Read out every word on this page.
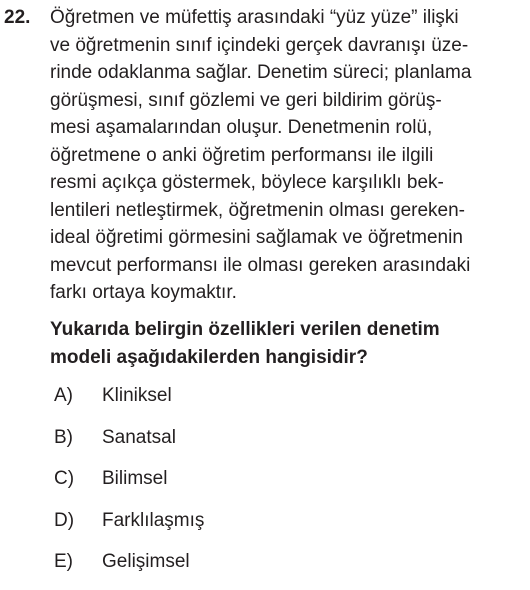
22. Öğretmen ve müfettiş arasındaki “yüz yüze” ilişki
ve öğretmenin sınıf içindeki gerçek davranışı üze-
rinde odaklanma sağlar. Denetim süreci; planlama
görüşmesi, sınıf gözlemi ve geri bildirim görüş-
mesi aşamalarından oluşur. Denetmenin rolü,
öğretmene o anki öğretim performansı ile ilgili
resmi açıkça göstermek, böylece karşılıklı bek-
lentileri netleştirmek, öğretmenin olması gereken-
ideal öğretimi görmesini sağlamak ve öğretmenin
mevcut performansı ile olması gereken arasındaki
farkı ortaya koymaktır.
Yukarıda belirgin özellikleri verilen denetim
modeli aşağıdakilerden hangisidir?
A) Kliniksel
B) Sanatsal
C) Bilimsel
D) Farklılaşmış
E) Gelişimsel
